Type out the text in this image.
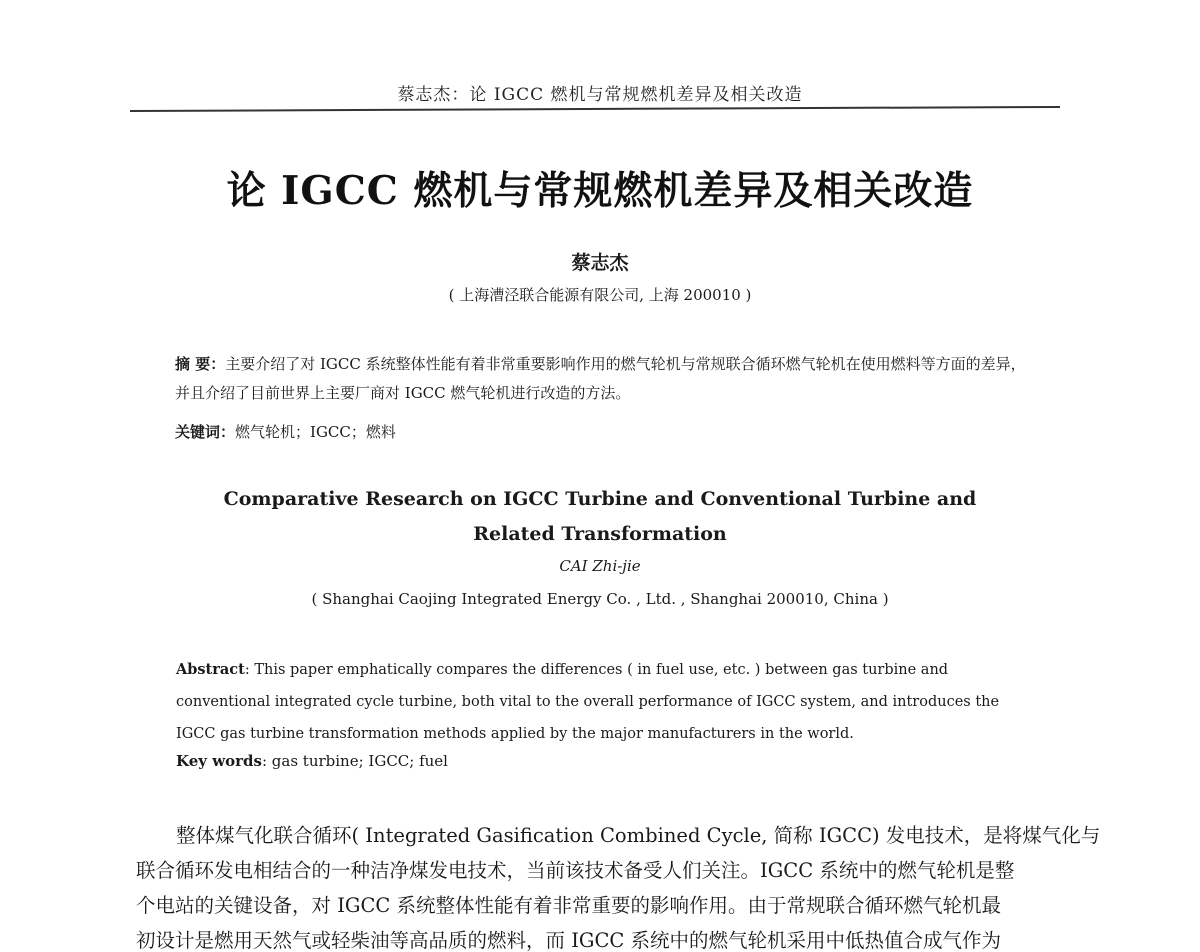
蔡志杰：论 IGCC 燃机与常规燃机差异及相关改造
论 IGCC 燃机与常规燃机差异及相关改造
蔡志杰
( 上海漕泾联合能源有限公司, 上海 200010 )
摘 要：主要介绍了对 IGCC 系统整体性能有着非常重要影响作用的燃气轮机与常规联合循环燃气轮机在使用燃料等方面的差异，并且介绍了目前世界上主要厂商对 IGCC 燃气轮机进行改造的方法。
关键词：燃气轮机；IGCC；燃料
Comparative Research on IGCC Turbine and Conventional Turbine and
Related Transformation
CAI Zhi-jie
( Shanghai Caojing Integrated Energy Co. , Ltd. , Shanghai 200010, China )
Abstract: This paper emphatically compares the differences ( in fuel use, etc. ) between gas turbine and conventional integrated cycle turbine, both vital to the overall performance of IGCC system, and introduces the IGCC gas turbine transformation methods applied by the major manufacturers in the world.
Key words: gas turbine; IGCC; fuel
整体煤气化联合循环( Integrated Gasification Combined Cycle, 简称 IGCC) 发电技术，是将煤气化与
联合循环发电相结合的一种洁净煤发电技术，当前该技术备受人们关注。IGCC 系统中的燃气轮机是整
个电站的关键设备，对 IGCC 系统整体性能有着非常重要的影响作用。由于常规联合循环燃气轮机最
初设计是燃用天然气或轻柴油等高品质的燃料，而 IGCC 系统中的燃气轮机采用中低热值合成气作为
